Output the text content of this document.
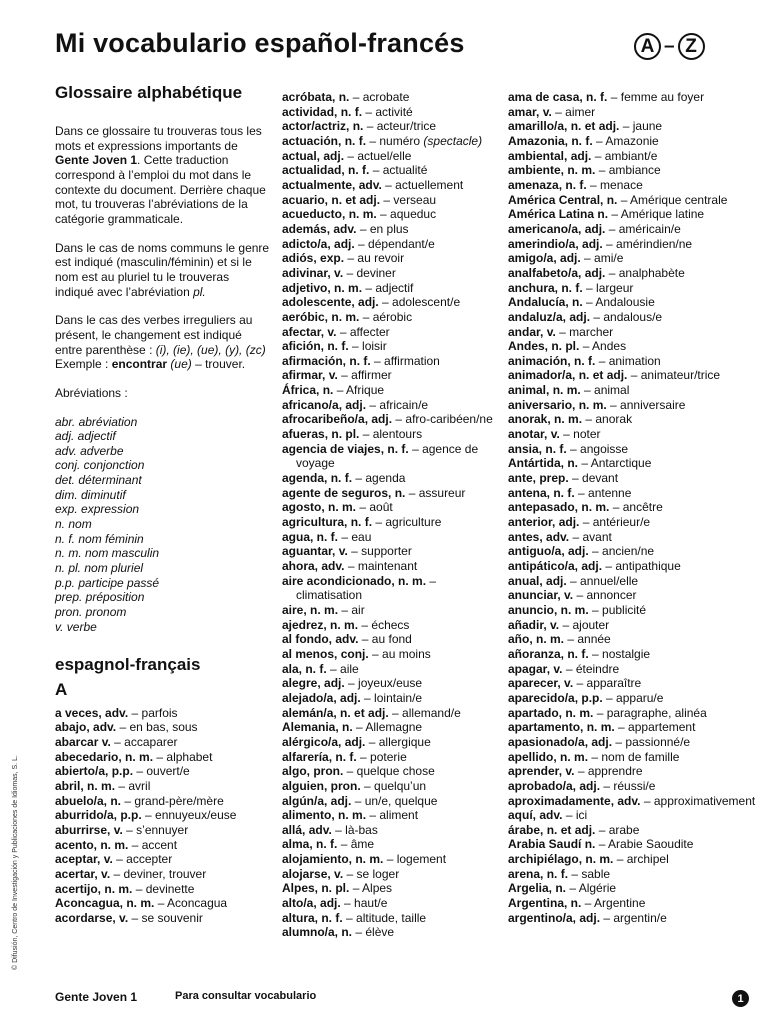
Mi vocabulario español-francés	A – Z
Glossaire alphabétique

Dans ce glossaire tu trouveras tous les mots et expressions importants de Gente Joven 1. Cette traduction correspond à l’emploi du mot dans le contexte du document. Derrière chaque mot, tu trouveras l’abréviations de la catégorie grammaticale.

Dans le cas de noms communs le genre est indiqué (masculin/féminin) et si le nom est au pluriel tu le trouveras indiqué avec l’abréviation pl.

Dans le cas des verbes irreguliers au présent, le changement est indiqué entre parenthèse : (i), (ie), (ue), (y), (zc)
Exemple : encontrar (ue) – trouver.

Abréviations :

abr. abréviation
adj. adjectif
adv. adverbe
conj. conjonction
det. déterminant
dim. diminutif
exp. expression
n. nom
n. f. nom féminin
n. m. nom masculin
n. pl. nom pluriel
p.p. participe passé
prep. préposition
pron. pronom
v. verbe
espagnol-français
A
a veces, adv. – parfois
abajo, adv. – en bas, sous
abarcar v. – accaparer
abecedario, n. m. – alphabet
abierto/a, p.p. – ouvert/e
abril, n. m. – avril
abuelo/a, n. – grand-père/mère
aburrido/a, p.p. – ennuyeux/euse
aburrirse, v. – s’ennuyer
acento, n. m. – accent
aceptar, v. – accepter
acertar, v. – deviner, trouver
acertijo, n. m. – devinette
Aconcagua, n. m. – Aconcagua
acordarse, v. – se souvenir
acróbata, n. – acrobate
actividad, n. f. – activité
actor/actriz, n. – acteur/trice
actuación, n. f. – numéro (spectacle)
actual, adj. – actuel/elle
actualidad, n. f. – actualité
actualmente, adv. – actuellement
acuario, n. et adj. – verseau
acueducto, n. m. – aqueduc
además, adv. – en plus
adicto/a, adj. – dépendant/e
adiós, exp. – au revoir
adivinar, v. – deviner
adjetivo, n. m. – adjectif
adolescente, adj. – adolescent/e
aeróbic, n. m. – aérobic
afectar, v. – affecter
afición, n. f. – loisir
afirmación, n. f. – affirmation
afirmar, v. – affirmer
África, n. – Afrique
africano/a, adj. – africain/e
afrocaribeño/a, adj. – afro-caribéen/ne
afueras, n. pl. – alentours
agencia de viajes, n. f. – agence de voyage
agenda, n. f. – agenda
agente de seguros, n. – assureur
agosto, n. m. – août
agricultura, n. f. – agriculture
agua, n. f. – eau
aguantar, v. – supporter
ahora, adv. – maintenant
aire acondicionado, n. m. – climatisation
aire, n. m. – air
ajedrez, n. m. – échecs
al fondo, adv. – au fond
al menos, conj. – au moins
ala, n. f. – aile
alegre, adj. – joyeux/euse
alejado/a, adj. – lointain/e
alemán/a, n. et adj. – allemand/e
Alemania, n. – Allemagne
alérgico/a, adj. – allergique
alfarería, n. f. – poterie
algo, pron. – quelque chose
alguien, pron. – quelqu’un
algún/a, adj. – un/e, quelque
alimento, n. m. – aliment
allá, adv. – là-bas
alma, n. f. – âme
alojamiento, n. m. – logement
alojarse, v. – se loger
Alpes, n. pl. – Alpes
alto/a, adj. – haut/e
altura, n. f. – altitude, taille
alumno/a, n. – élève
ama de casa, n. f. – femme au foyer
amar, v. – aimer
amarillo/a, n. et adj. – jaune
Amazonia, n. f. – Amazonie
ambiental, adj. – ambiant/e
ambiente, n. m. – ambiance
amenaza, n. f. – menace
América Central, n. – Amérique centrale
América Latina n. – Amérique latine
americano/a, adj. – américain/e
amerindio/a, adj. – amérindien/ne
amigo/a, adj. – ami/e
analfabeto/a, adj. – analphabète
anchura, n. f. – largeur
Andalucía, n. – Andalousie
andaluz/a, adj. – andalous/e
andar, v. – marcher
Andes, n. pl. – Andes
animación, n. f. – animation
animador/a, n. et adj. – animateur/trice
animal, n. m. – animal
aniversario, n. m. – anniversaire
anorak, n. m. – anorak
anotar, v. – noter
ansia, n. f. – angoisse
Antártida, n. – Antarctique
ante, prep. – devant
antena, n. f. – antenne
antepasado, n. m. – ancêtre
anterior, adj. – antérieur/e
antes, adv. – avant
antiguo/a, adj. – ancien/ne
antipático/a, adj. – antipathique
anual, adj. – annuel/elle
anunciar, v. – annoncer
anuncio, n. m. – publicité
añadir, v. – ajouter
año, n. m. – année
añoranza, n. f. – nostalgie
apagar, v. – éteindre
aparecer, v. – apparaître
aparecido/a, p.p. – apparu/e
apartado, n. m. – paragraphe, alinéa
apartamento, n. m. – appartement
apasionado/a, adj. – passionné/e
apellido, n. m. – nom de famille
aprender, v. – apprendre
aprobado/a, adj. – réussi/e
aproximadamente, adv. – approximativement
aquí, adv. – ici
árabe, n. et adj. – arabe
Arabia Saudí n. – Arabie Saoudite
archipiélago, n. m. – archipel
arena, n. f. – sable
Argelia, n. – Algérie
Argentina, n. – Argentine
argentino/a, adj. – argentin/e
© Difusión, Centro de Investigación y Publicaciones de Idiomas, S. L.
Gente Joven 1	Para consultar vocabulario	1
